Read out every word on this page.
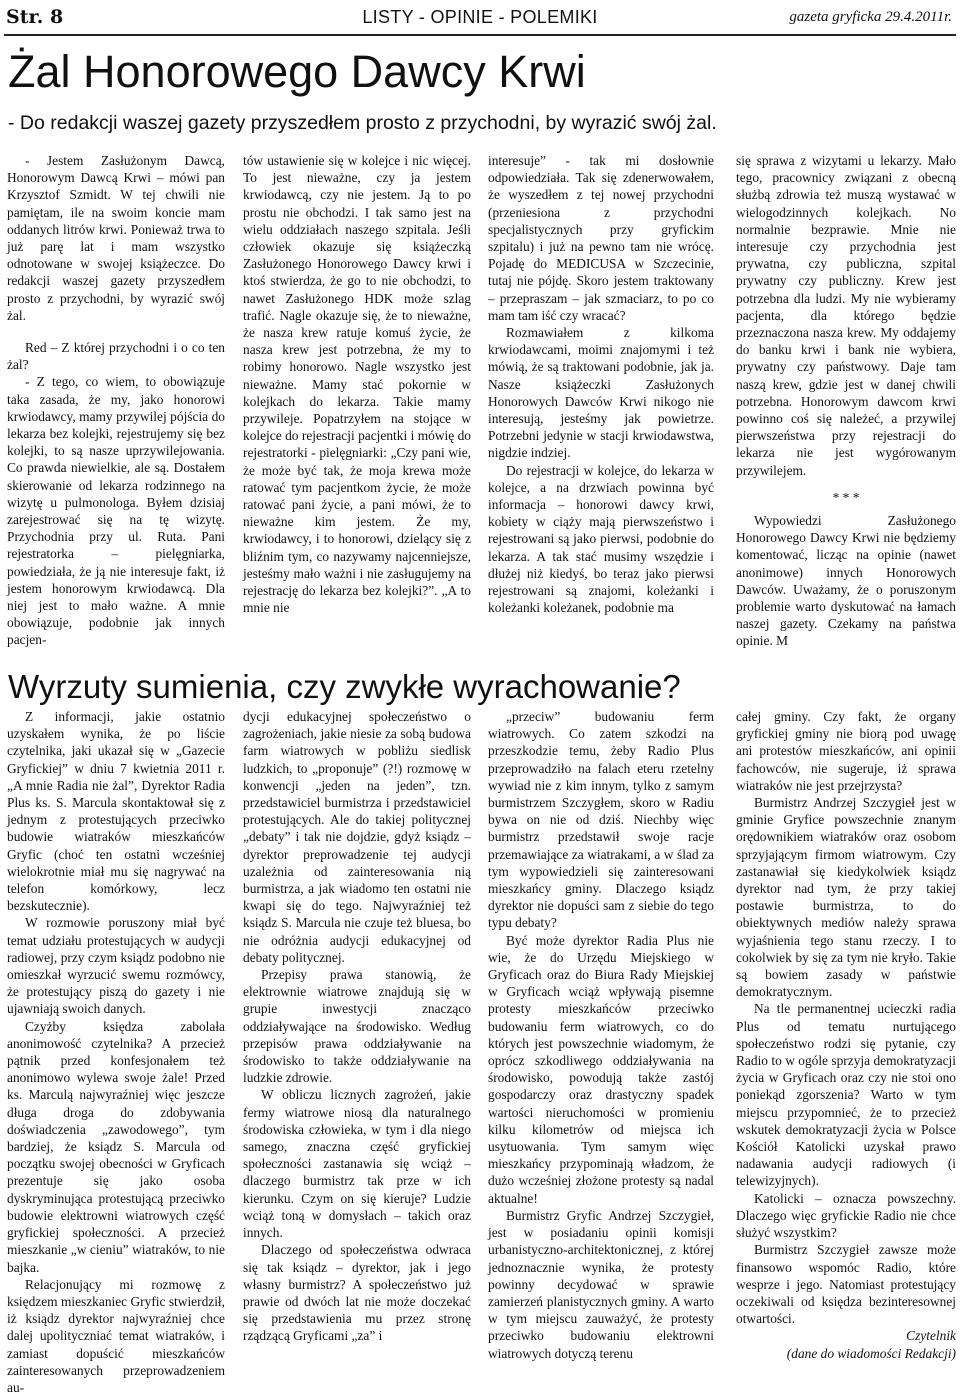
Str. 8	LISTY - OPINIE - POLEMIKI	gazeta gryficka 29.4.2011r.
Żal Honorowego Dawcy Krwi
- Do redakcji waszej gazety przyszedłem prosto z przychodni, by wyrazić swój żal.

- Jestem Zasłużonym Dawcą, Honorowym Dawcą Krwi – mówi pan Krzysztof Szmidt. W tej chwili nie pamiętam, ile na swoim koncie mam oddanych litrów krwi. Ponieważ trwa to już parę lat i mam wszystko odnotowane w swojej książeczce. Do redakcji waszej gazety przyszedłem prosto z przychodni, by wyrazić swój żal.

Red – Z której przychodni i o co ten żal?

- Z tego, co wiem, to obowiązuje taka zasada, że my, jako honorowi krwiodawcy, mamy przywilej pójścia do lekarza bez kolejki, rejestrujemy się bez kolejki, to są nasze uprzywilejowania. Co prawda niewielkie, ale są. Dostałem skierowanie od lekarza rodzinnego na wizytę u pulmonologa. Byłem dzisiaj zarejestrować się na tę wizytę. Przychodnia przy ul. Ruta. Pani rejestratorka – pielęgniarka, powiedziała, że ją nie interesuje fakt, iż jestem honorowym krwiodawcą. Dla niej jest to mało ważne. A mnie obowiązuje, podobnie jak innych pacjen-

tów ustawienie się w kolejce i nic więcej. To jest nieważne, czy ja jestem krwiodawcą, czy nie jestem. Ją to po prostu nie obchodzi. I tak samo jest na wielu oddziałach naszego szpitala. Jeśli człowiek okazuje się książeczką Zasłużonego Honorowego Dawcy krwi i ktoś stwierdza, że go to nie obchodzi, to nawet Zasłużonego HDK może szlag trafić. Nagle okazuje się, że to nieważne, że nasza krew ratuje komuś życie, że nasza krew jest potrzebna, że my to robimy honorowo. Nagle wszystko jest nieważne. Mamy stać pokornie w kolejkach do lekarza. Takie mamy przywileje. Popatrzyłem na stojące w kolejce do rejestracji pacjentki i mówię do rejestratorki - pielęgniarki: „Czy pani wie, że może być tak, że moja krewa może ratować tym pacjentkom życie, że może ratować pani życie, a pani mówi, że to nieważne kim jestem. Że my, krwiodawcy, i to honorowi, dzielący się z bliźnim tym, co nazywamy najcenniejsze, jesteśmy mało ważni i nie zasługujemy na rejestrację do lekarza bez kolejki?”. „A to mnie nie

interesuje” - tak mi dosłownie odpowiedziała. Tak się zdenerwowałem, że wyszedłem z tej nowej przychodni (przeniesiona z przychodni specjalistycznych przy gryfickim szpitalu) i już na pewno tam nie wrócę. Pojadę do MEDICUSA w Szczecinie, tutaj nie pójdę. Skoro jestem traktowany – przepraszam – jak szmaciarz, to po co mam tam iść czy wracać?

Rozmawiałem z kilkoma krwiodawcami, moimi znajomymi i też mówią, że są traktowani podobnie, jak ja. Nasze książeczki Zasłużonych Honorowych Dawców Krwi nikogo nie interesują, jesteśmy jak powietrze. Potrzebni jedynie w stacji krwiodawstwa, nigdzie indziej.

Do rejestracji w kolejce, do lekarza w kolejce, a na drzwiach powinna być informacja – honorowi dawcy krwi, kobiety w ciąży mają pierwszeństwo i rejestrowani są jako pierwsi, podobnie do lekarza. A tak stać musimy wszędzie i dłużej niż kiedyś, bo teraz jako pierwsi rejestrowani są znajomi, koleżanki i koleżanki koleżanek, podobnie ma

się sprawa z wizytami u lekarzy. Mało tego, pracownicy związani z obecną służbą zdrowia też muszą wystawać w wielogodzinnych kolejkach. No normalnie bezprawie. Mnie nie interesuje czy przychodnia jest prywatna, czy publiczna, szpital prywatny czy publiczny. Krew jest potrzebna dla ludzi. My nie wybieramy pacjenta, dla którego będzie przeznaczona nasza krew. My oddajemy do banku krwi i bank nie wybiera, prywatny czy państwowy. Daje tam naszą krew, gdzie jest w danej chwili potrzebna. Honorowym dawcom krwi powinno coś się należeć, a przywilej pierwszeństwa przy rejestracji do lekarza nie jest wygórowanym przywilejem.

* * *

Wypowiedzi Zasłużonego Honorowego Dawcy Krwi nie będziemy komentować, licząc na opinie (nawet anonimowe) innych Honorowych Dawców. Uważamy, że o poruszonym problemie warto dyskutować na łamach naszej gazety. Czekamy na państwa opinie. M

Wyrzuty sumienia, czy zwykłe wyrachowanie?

Z informacji, jakie ostatnio uzyskałem wynika, że po liście czytelnika, jaki ukazał się w „Gazecie Gryfickiej” w dniu 7 kwietnia 2011 r. „A mnie Radia nie żal”, Dyrektor Radia Plus ks. S. Marcula skontaktował się z jednym z protestujących przeciwko budowie wiatraków mieszkańców Gryfic (choć ten ostatni wcześniej wielokrotnie miał mu się nagrywać na telefon komórkowy, lecz bezskutecznie).

W rozmowie poruszony miał być temat udziału protestujących w audycji radiowej, przy czym ksiądz podobno nie omieszkał wyrzucić swemu rozmówcy, że protestujący piszą do gazety i nie ujawniają swoich danych.

Czyżby księdza zabolała anonimowość czytelnika? A przecież pątnik przed konfesjonałem też anonimowo wylewa swoje żale! Przed ks. Marculą najwyraźniej więc jeszcze długa droga do zdobywania doświadczenia „zawodowego”, tym bardziej, że ksiądz S. Marcula od początku swojej obecności w Gryficach prezentuje się jako osoba dyskryminująca protestującą przeciwko budowie elektrowni wiatrowych część gryfickiej społeczności. A przecież mieszkanie „w cieniu” wiatraków, to nie bajka.

Relacjonujący mi rozmowę z księdzem mieszkaniec Gryfic stwierdził, iż ksiądz dyrektor najwyraźniej chce dalej upolityczniać temat wiatraków, i zamiast dopuścić mieszkańców zainteresowanych przeprowadzeniem au-

dycji edukacyjnej społeczeństwo o zagrożeniach, jakie niesie za sobą budowa farm wiatrowych w pobliżu siedlisk ludzkich, to „proponuje” (?!) rozmowę w konwencji „jeden na jeden”, tzn. przedstawiciel burmistrza i przedstawiciel protestujących. Ale do takiej politycznej „debaty” i tak nie dojdzie, gdyż ksiądz – dyrektor preprowadzenie tej audycji uzależnia od zainteresowania nią burmistrza, a jak wiadomo ten ostatni nie kwapi się do tego. Najwyraźniej też ksiądz S. Marcula nie czuje też bluesa, bo nie odróżnia audycji edukacyjnej od debaty politycznej.

Przepisy prawa stanowią, że elektrownie wiatrowe znajdują się w grupie inwestycji znacząco oddziaływające na środowisko. Według przepisów prawa oddziaływanie na środowisko to także oddziaływanie na ludzkie zdrowie.

W obliczu licznych zagrożeń, jakie fermy wiatrowe niosą dla naturalnego środowiska człowieka, w tym i dla niego samego, znaczna część gryfickiej społeczności zastanawia się wciąż – dlaczego burmistrz tak prze w ich kierunku. Czym on się kieruje? Ludzie wciąż toną w domysłach – takich oraz innych.

Dlaczego od społeczeństwa odwraca się tak ksiądz – dyrektor, jak i jego własny burmistrz? A społeczeństwo już prawie od dwóch lat nie może doczekać się przedstawienia mu przez stronę rządzącą Gryficami „za” i

„przeciw” budowaniu ferm wiatrowych. Co zatem szkodzi na przeszkodzie temu, żeby Radio Plus przeprowadziło na falach eteru rzetelny wywiad nie z kim innym, tylko z samym burmistrzem Szczygłem, skoro w Radiu bywa on nie od dziś. Niechby więc burmistrz przedstawił swoje racje przemawiające za wiatrakami, a w ślad za tym wypowiedzieli się zainteresowani mieszkańcy gminy. Dlaczego ksiądz dyrektor nie dopuści sam z siebie do tego typu debaty?

Być może dyrektor Radia Plus nie wie, że do Urzędu Miejskiego w Gryficach oraz do Biura Rady Miejskiej w Gryficach wciąż wpływają pisemne protesty mieszkańców przeciwko budowaniu ferm wiatrowych, co do których jest powszechnie wiadomym, że oprócz szkodliwego oddziaływania na środowisko, powodują także zastój gospodarczy oraz drastyczny spadek wartości nieruchomości w promieniu kilku kilometrów od miejsca ich usytuowania. Tym samym więc mieszkańcy przypominają władzom, że dużo wcześniej złożone protesty są nadal aktualne!

Burmistrz Gryfic Andrzej Szczygieł, jest w posiadaniu opinii komisji urbanistyczno-architektonicznej, z której jednoznacznie wynika, że protesty powinny decydować w sprawie zamierzeń planistycznych gminy. A warto w tym miejscu zauważyć, że protesty przeciwko budowaniu elektrowni wiatrowych dotyczą terenu

całej gminy. Czy fakt, że organy gryfickiej gminy nie biorą pod uwagę ani protestów mieszkańców, ani opinii fachowców, nie sugeruje, iż sprawa wiatraków nie jest przejrzysta?

Burmistrz Andrzej Szczygieł jest w gminie Gryfice powszechnie znanym orędownikiem wiatraków oraz osobom sprzyjającym firmom wiatrowym. Czy zastanawiał się kiedykolwiek ksiądz dyrektor nad tym, że przy takiej postawie burmistrza, to do obiektywnych mediów należy sprawa wyjaśnienia tego stanu rzeczy. I to cokolwiek by się za tym nie kryło. Takie są bowiem zasady w państwie demokratycznym.

Na tle permanentnej ucieczki radia Plus od tematu nurtującego społeczeństwo rodzi się pytanie, czy Radio to w ogóle sprzyja demokratyzacji życia w Gryficach oraz czy nie stoi ono poniekąd zgorszenia? Warto w tym miejscu przypomnieć, że to przecież wskutek demokratyzacji życia w Polsce Kościół Katolicki uzyskał prawo nadawania audycji radiowych (i telewizyjnych).

Katolicki – oznacza powszechny. Dlaczego więc gryfickie Radio nie chce służyć wszystkim?

Burmistrz Szczygieł zawsze może finansowo wspomóc Radio, które wesprze i jego. Natomiast protestujący oczekiwali od księdza bezinteresownej otwartości.

Czytelnik

(dane do wiadomości Redakcji)
